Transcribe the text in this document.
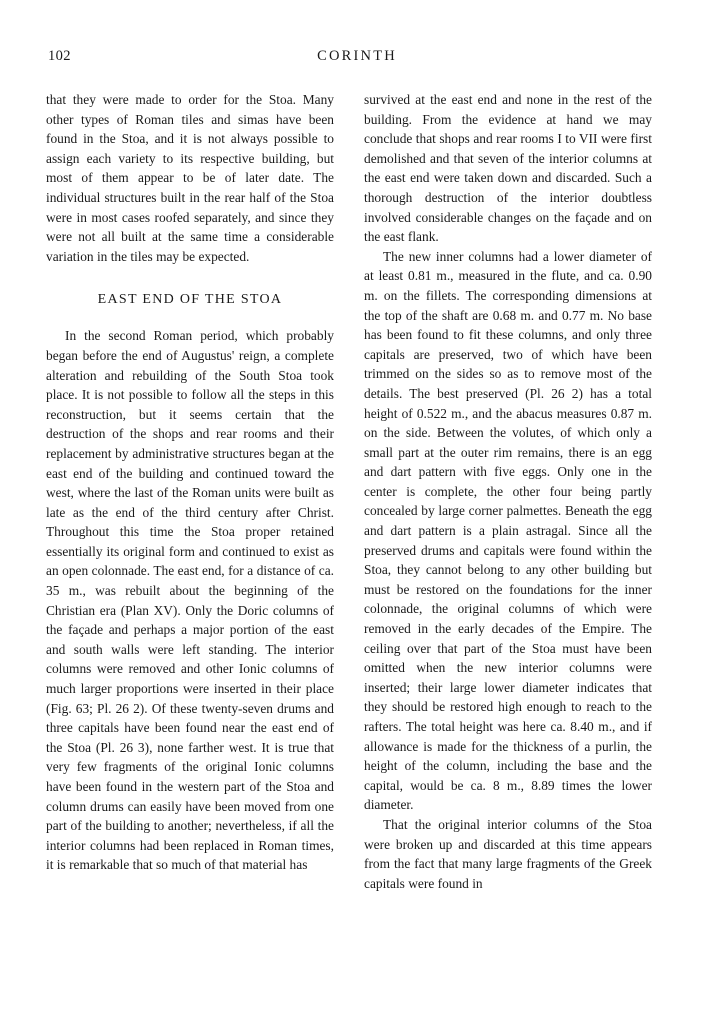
102	CORINTH

that they were made to order for the Stoa. Many other types of Roman tiles and simas have been found in the Stoa, and it is not always possible to assign each variety to its respective building, but most of them appear to be of later date. The individual structures built in the rear half of the Stoa were in most cases roofed separately, and since they were not all built at the same time a considerable variation in the tiles may be expected.

EAST END OF THE STOA

In the second Roman period, which probably began before the end of Augustus' reign, a complete alteration and rebuilding of the South Stoa took place. It is not possible to follow all the steps in this reconstruction, but it seems certain that the destruction of the shops and rear rooms and their replacement by administrative structures began at the east end of the building and continued toward the west, where the last of the Roman units were built as late as the end of the third century after Christ. Throughout this time the Stoa proper retained essentially its original form and continued to exist as an open colonnade. The east end, for a distance of ca. 35 m., was rebuilt about the beginning of the Christian era (Plan XV). Only the Doric columns of the façade and perhaps a major portion of the east and south walls were left standing. The interior columns were removed and other Ionic columns of much larger proportions were inserted in their place (Fig. 63; Pl. 26 2). Of these twenty-seven drums and three capitals have been found near the east end of the Stoa (Pl. 26 3), none farther west. It is true that very few fragments of the original Ionic columns have been found in the western part of the Stoa and column drums can easily have been moved from one part of the building to another; nevertheless, if all the interior columns had been replaced in Roman times, it is remarkable that so much of that material has

survived at the east end and none in the rest of the building. From the evidence at hand we may conclude that shops and rear rooms I to VII were first demolished and that seven of the interior columns at the east end were taken down and discarded. Such a thorough destruction of the interior doubtless involved considerable changes on the façade and on the east flank.

The new inner columns had a lower diameter of at least 0.81 m., measured in the flute, and ca. 0.90 m. on the fillets. The corresponding dimensions at the top of the shaft are 0.68 m. and 0.77 m. No base has been found to fit these columns, and only three capitals are preserved, two of which have been trimmed on the sides so as to remove most of the details. The best preserved (Pl. 26 2) has a total height of 0.522 m., and the abacus measures 0.87 m. on the side. Between the volutes, of which only a small part at the outer rim remains, there is an egg and dart pattern with five eggs. Only one in the center is complete, the other four being partly concealed by large corner palmettes. Beneath the egg and dart pattern is a plain astragal. Since all the preserved drums and capitals were found within the Stoa, they cannot belong to any other building but must be restored on the foundations for the inner colonnade, the original columns of which were removed in the early decades of the Empire. The ceiling over that part of the Stoa must have been omitted when the new interior columns were inserted; their large lower diameter indicates that they should be restored high enough to reach to the rafters. The total height was here ca. 8.40 m., and if allowance is made for the thickness of a purlin, the height of the column, including the base and the capital, would be ca. 8 m., 8.89 times the lower diameter.

That the original interior columns of the Stoa were broken up and discarded at this time appears from the fact that many large fragments of the Greek capitals were found in
